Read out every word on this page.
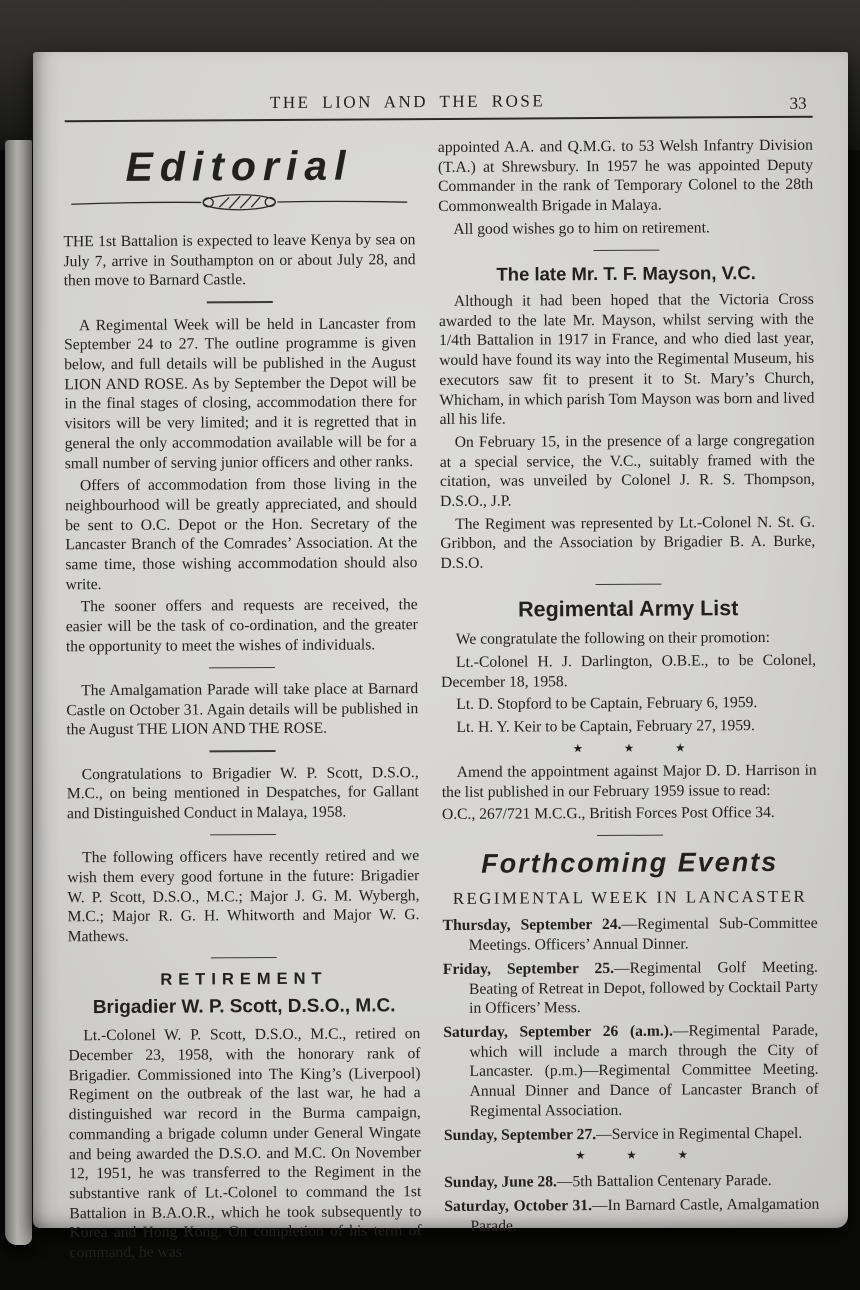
THE LION AND THE ROSE	33
Editorial

THE 1st Battalion is expected to leave Kenya by sea on July 7, arrive in Southampton on or about July 28, and then move to Barnard Castle.

A Regimental Week will be held in Lancaster from September 24 to 27. The outline programme is given below, and full details will be published in the August LION AND ROSE. As by September the Depot will be in the final stages of closing, accommodation there for visitors will be very limited; and it is regretted that in general the only accommodation available will be for a small number of serving junior officers and other ranks.

Offers of accommodation from those living in the neighbourhood will be greatly appreciated, and should be sent to O.C. Depot or the Hon. Secretary of the Lancaster Branch of the Comrades’ Association. At the same time, those wishing accommodation should also write.

The sooner offers and requests are received, the easier will be the task of co-ordination, and the greater the opportunity to meet the wishes of individuals.

The Amalgamation Parade will take place at Barnard Castle on October 31. Again details will be published in the August THE LION AND THE ROSE.

Congratulations to Brigadier W. P. Scott, D.S.O., M.C., on being mentioned in Despatches, for Gallant and Distinguished Conduct in Malaya, 1958.

The following officers have recently retired and we wish them every good fortune in the future: Brigadier W. P. Scott, D.S.O., M.C.; Major J. G. M. Wybergh, M.C.; Major R. G. H. Whitworth and Major W. G. Mathews.

RETIREMENT
Brigadier W. P. Scott, D.S.O., M.C.

Lt.-Colonel W. P. Scott, D.S.O., M.C., retired on December 23, 1958, with the honorary rank of Brigadier. Commissioned into The King’s (Liverpool) Regiment on the outbreak of the last war, he had a distinguished war record in the Burma campaign, commanding a brigade column under General Wingate and being awarded the D.S.O. and M.C. On November 12, 1951, he was transferred to the Regiment in the substantive rank of Lt.-Colonel to command the 1st Battalion in B.A.O.R., which he took subsequently to Korea and Hong Kong. On completion of his term of command, he was

appointed A.A. and Q.M.G. to 53 Welsh Infantry Division (T.A.) at Shrewsbury. In 1957 he was appointed Deputy Commander in the rank of Temporary Colonel to the 28th Commonwealth Brigade in Malaya.

All good wishes go to him on retirement.

The late Mr. T. F. Mayson, V.C.

Although it had been hoped that the Victoria Cross awarded to the late Mr. Mayson, whilst serving with the 1/4th Battalion in 1917 in France, and who died last year, would have found its way into the Regimental Museum, his executors saw fit to present it to St. Mary’s Church, Whicham, in which parish Tom Mayson was born and lived all his life.

On February 15, in the presence of a large congregation at a special service, the V.C., suitably framed with the citation, was unveiled by Colonel J. R. S. Thompson, D.S.O., J.P.

The Regiment was represented by Lt.-Colonel N. St. G. Gribbon, and the Association by Brigadier B. A. Burke, D.S.O.

Regimental Army List

We congratulate the following on their promotion:

Lt.-Colonel H. J. Darlington, O.B.E., to be Colonel, December 18, 1958.

Lt. D. Stopford to be Captain, February 6, 1959.

Lt. H. Y. Keir to be Captain, February 27, 1959.

★ ★ ★

Amend the appointment against Major D. D. Harrison in the list published in our February 1959 issue to read:

O.C., 267/721 M.C.G., British Forces Post Office 34.

Forthcoming Events
REGIMENTAL WEEK IN LANCASTER
Thursday, September 24.—Regimental Sub-Committee Meetings. Officers’ Annual Dinner.
Friday, September 25.—Regimental Golf Meeting. Beating of Retreat in Depot, followed by Cocktail Party in Officers’ Mess.
Saturday, September 26 (a.m.).—Regimental Parade, which will include a march through the City of Lancaster. (p.m.)—Regimental Committee Meeting. Annual Dinner and Dance of Lancaster Branch of Regimental Association.
Sunday, September 27.—Service in Regimental Chapel.
★ ★ ★
Sunday, June 28.—5th Battalion Centenary Parade.
Saturday, October 31.—In Barnard Castle, Amalgamation Parade.
